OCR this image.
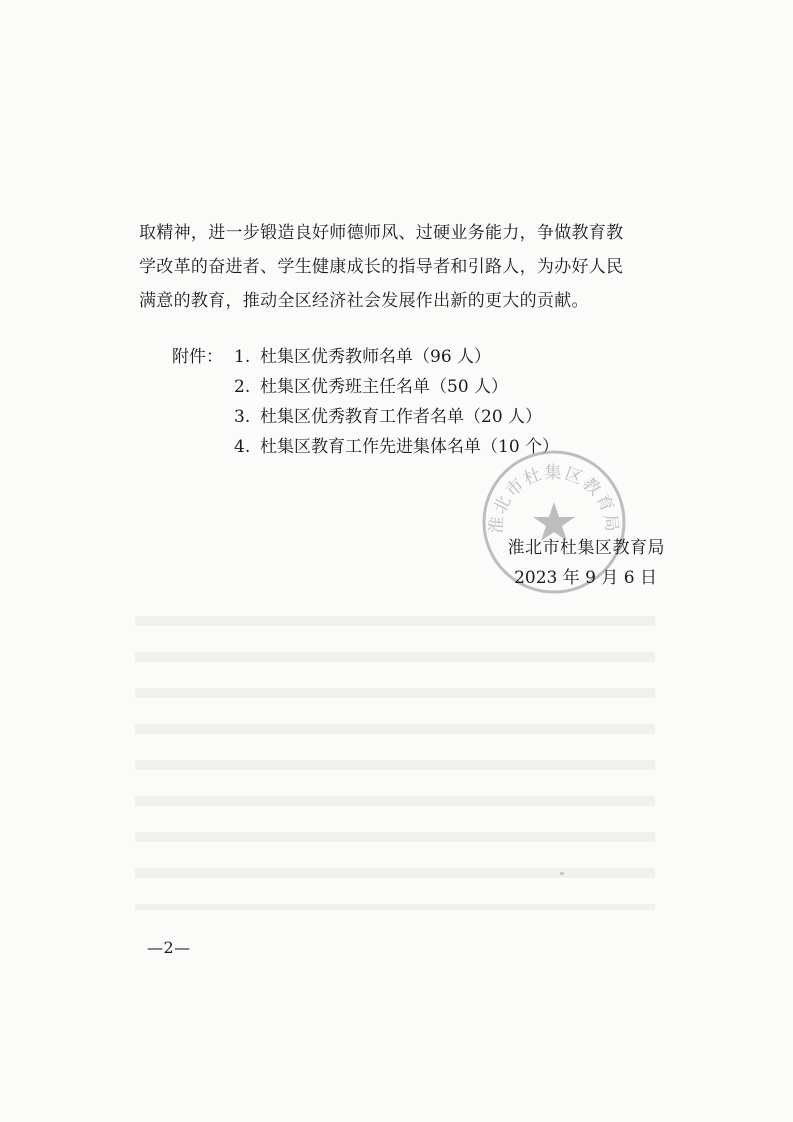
取精神，进一步锻造良好师德师风、过硬业务能力，争做教育教
学改革的奋进者、学生健康成长的指导者和引路人，为办好人民
满意的教育，推动全区经济社会发展作出新的更大的贡献。
附件： 1. 杜集区优秀教师名单（96 人）
2. 杜集区优秀班主任名单（50 人）
3. 杜集区优秀教育工作者名单（20 人）
4. 杜集区教育工作先进集体名单（10 个）
淮北市杜集区教育局
淮北市杜集区教育局
2023 年 9 月 6 日
—2—
